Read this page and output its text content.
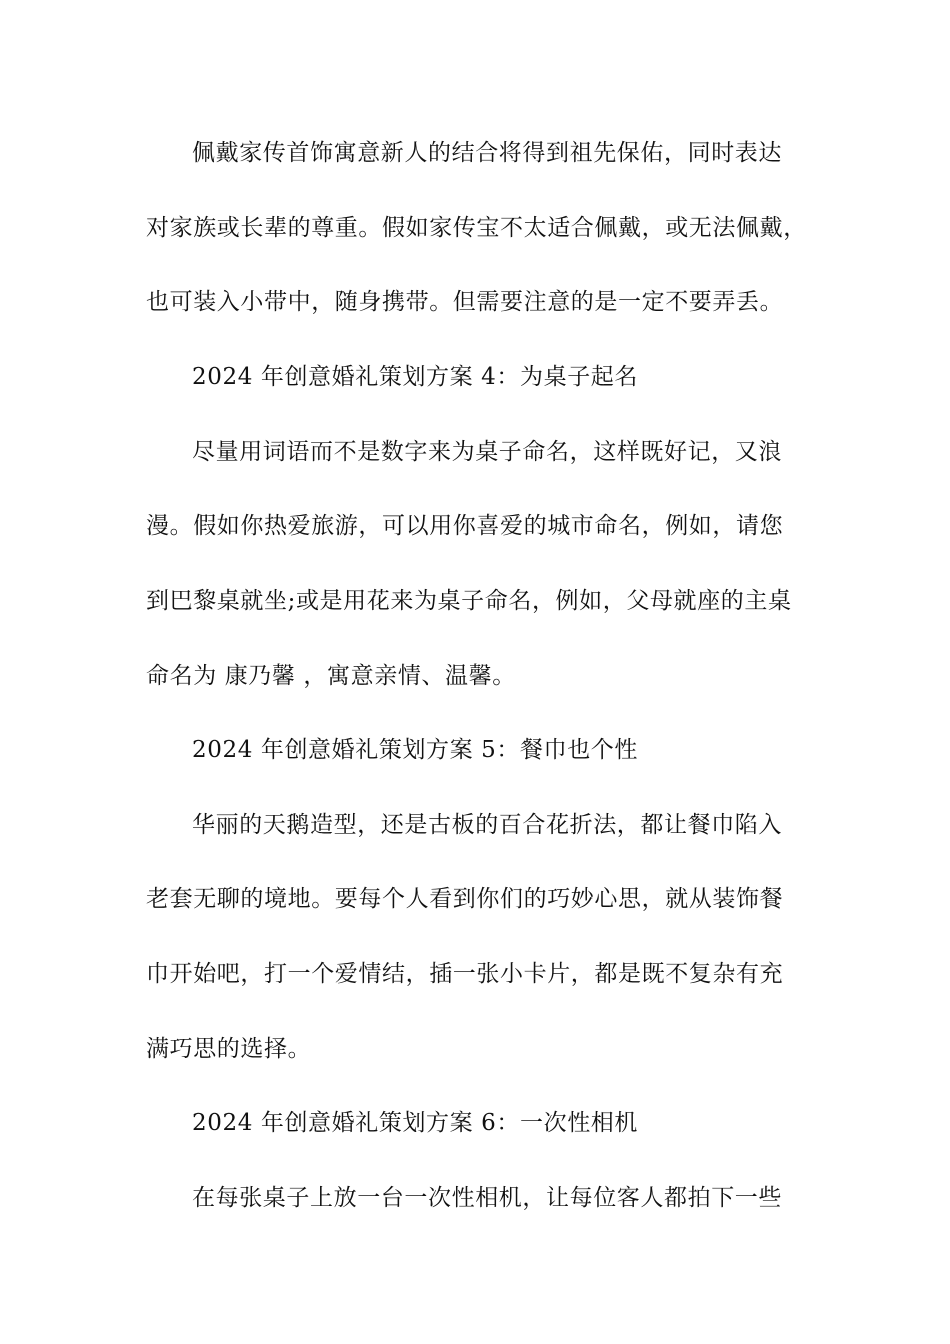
佩戴家传首饰寓意新人的结合将得到祖先保佑，同时表达
对家族或长辈的尊重。假如家传宝不太适合佩戴，或无法佩戴，
也可装入小带中，随身携带。但需要注意的是一定不要弄丢。
2024 年创意婚礼策划方案 4：为桌子起名
尽量用词语而不是数字来为桌子命名，这样既好记，又浪
漫。假如你热爱旅游，可以用你喜爱的城市命名，例如，请您
到巴黎桌就坐;或是用花来为桌子命名，例如，父母就座的主桌
命名为 康乃馨 ，寓意亲情、温馨。
2024 年创意婚礼策划方案 5：餐巾也个性
华丽的天鹅造型，还是古板的百合花折法，都让餐巾陷入
老套无聊的境地。要每个人看到你们的巧妙心思，就从装饰餐
巾开始吧，打一个爱情结，插一张小卡片，都是既不复杂有充
满巧思的选择。
2024 年创意婚礼策划方案 6：一次性相机
在每张桌子上放一台一次性相机，让每位客人都拍下一些
